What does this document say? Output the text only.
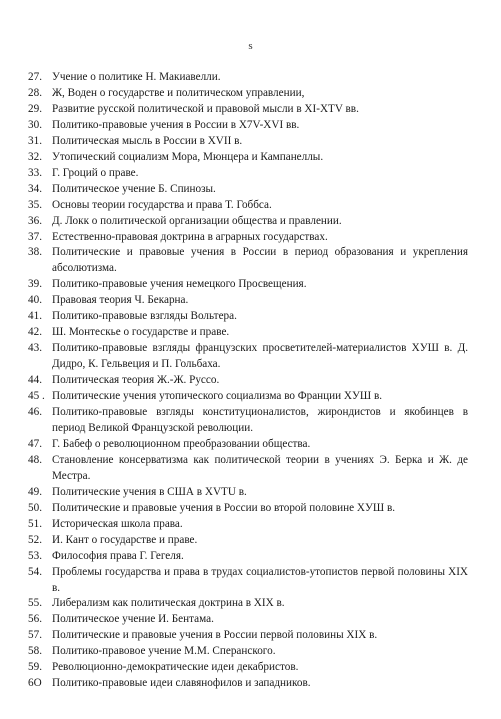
s
27. Учение о политике Н. Макиавелли.
28. Ж, Воден о государстве и политическом управлении,
29. Развитие русской политической и правовой мысли в XI-XTV вв.
30. Политико-правовые учения в России в X7V-XVI вв.
31. Политическая мысль в России в XVII в.
32. Утопический социализм Мора, Мюнцера и Кампанеллы.
33. Г. Гроций о праве.
34. Политическое учение Б. Спинозы.
35. Основы теории государства и права Т. Гоббса.
36. Д. Локк о политической организации общества и правлении.
37. Естественно-правовая доктрина в аграрных государствах.
38. Политические и правовые учения в России в период образования и укрепления абсолютизма.
39. Политико-правовые учения немецкого Просвещения.
40. Правовая теория Ч. Бекарна.
41. Политико-правовые взгляды Вольтера.
42. Ш. Монтескье о государстве и праве.
43. Политико-правовые взгляды французских просветителей-материалистов ХУШ в. Д. Дидро, К. Гельвеция и П. Гольбаха.
44. Политическая теория Ж.-Ж. Руссо.
45 . Политические учения утопического социализма во Франции ХУШ в.
46. Политико-правовые взгляды конституционалистов, жирондистов и якобинцев в период Великой Французской революции.
47. Г. Бабеф о революционном преобразовании общества.
48. Становление консерватизма как политической теории в учениях Э. Берка и Ж. де Местра.
49. Политические учения в США в XVTU в.
50. Политические и правовые учения в России во второй половине ХУШ в.
51. Историческая школа права.
52. И. Кант о государстве и праве.
53. Философия права Г. Гегеля.
54. Проблемы государства и права в трудах социалистов-утопистов первой половины XIX в.
55. Либерализм как политическая доктрина в XIX в.
56. Политическое учение И. Бентама.
57. Политичеcкие и правовые учения в России первой половины XIX в.
58. Политико-правовое учение М.М. Сперанского.
59. Революционно-демократические идеи декабристов.
6О Политико-правовые идеи славянофилов и западников.
